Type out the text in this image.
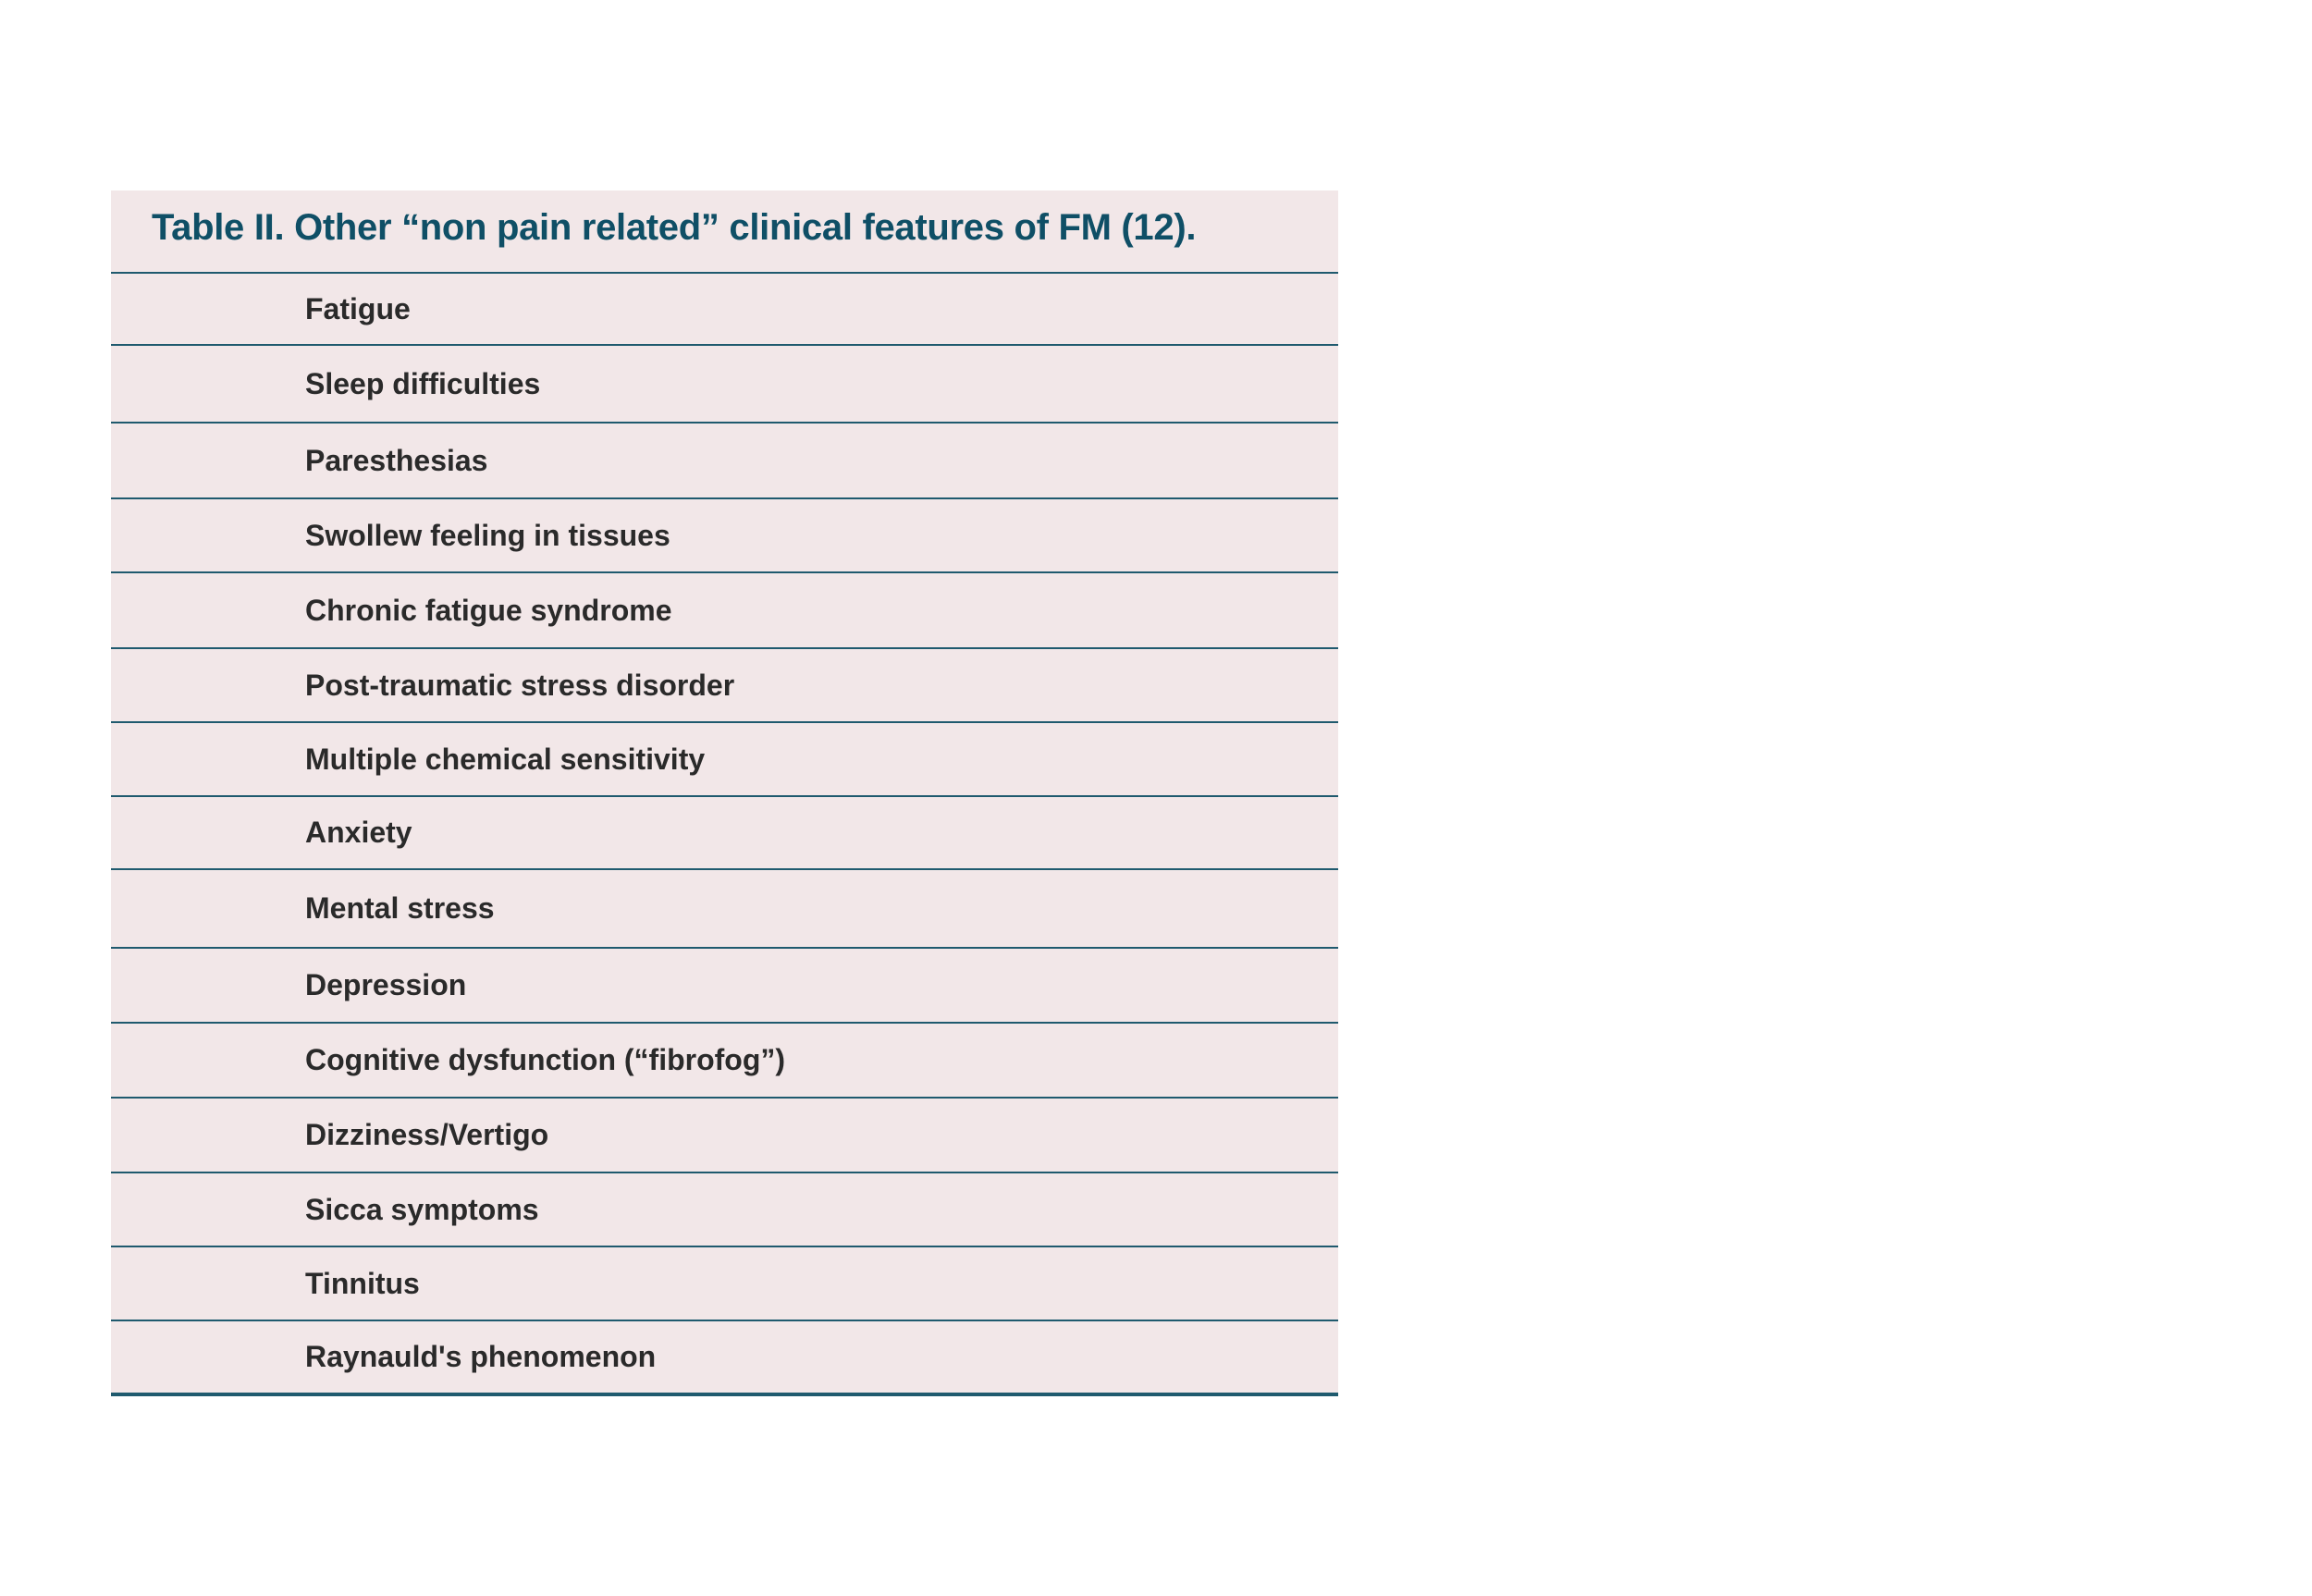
Table II. Other “non pain related” clinical features of FM (12).
Fatigue
Sleep difficulties
Paresthesias
Swollew feeling in tissues
Chronic fatigue syndrome
Post-traumatic stress disorder
Multiple chemical sensitivity
Anxiety
Mental stress
Depression
Cognitive dysfunction (“fibrofog”)
Dizziness/Vertigo
Sicca symptoms
Tinnitus
Raynauld's phenomenon
